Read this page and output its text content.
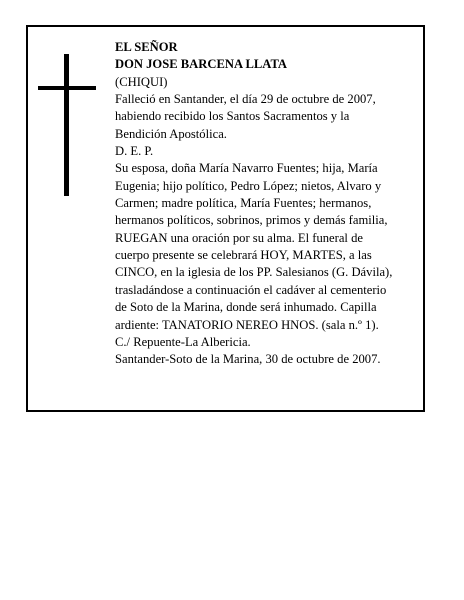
EL SEÑOR
DON JOSE BARCENA LLATA
(CHIQUI)
Falleció en Santander, el día 29 de octubre de 2007,
habiendo recibido los Santos Sacramentos y la
Bendición Apostólica.
D. E. P.
Su esposa, doña María Navarro Fuentes; hija, María
Eugenia; hijo político, Pedro López; nietos, Alvaro y
Carmen; madre política, María Fuentes; hermanos,
hermanos políticos, sobrinos, primos y demás familia,
RUEGAN una oración por su alma. El funeral de
cuerpo presente se celebrará HOY, MARTES, a las
CINCO, en la iglesia de los PP. Salesianos (G. Dávila),
trasladándose a continuación el cadáver al cementerio
de Soto de la Marina, donde será inhumado. Capilla
ardiente: TANATORIO NEREO HNOS. (sala n.º 1).
C./ Repuente-La Albericia.
Santander-Soto de la Marina, 30 de octubre de 2007.
